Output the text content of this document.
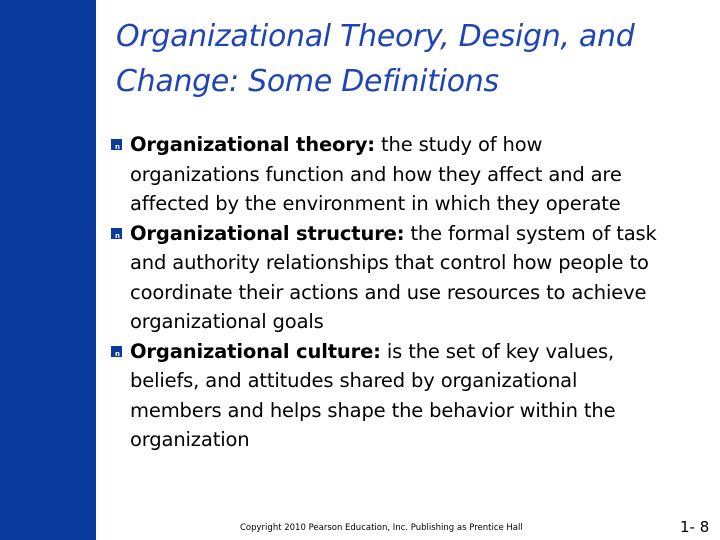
Organizational Theory, Design, and
Change: Some Definitions
n Organizational theory: the study of how
organizations function and how they affect and are
affected by the environment in which they operate
n Organizational structure: the formal system of task
and authority relationships that control how people to
coordinate their actions and use resources to achieve
organizational goals
n Organizational culture: is the set of key values,
beliefs, and attitudes shared by organizational
members and helps shape the behavior within the
organization
Copyright 2010 Pearson Education, Inc. Publishing as Prentice Hall	1- 8
